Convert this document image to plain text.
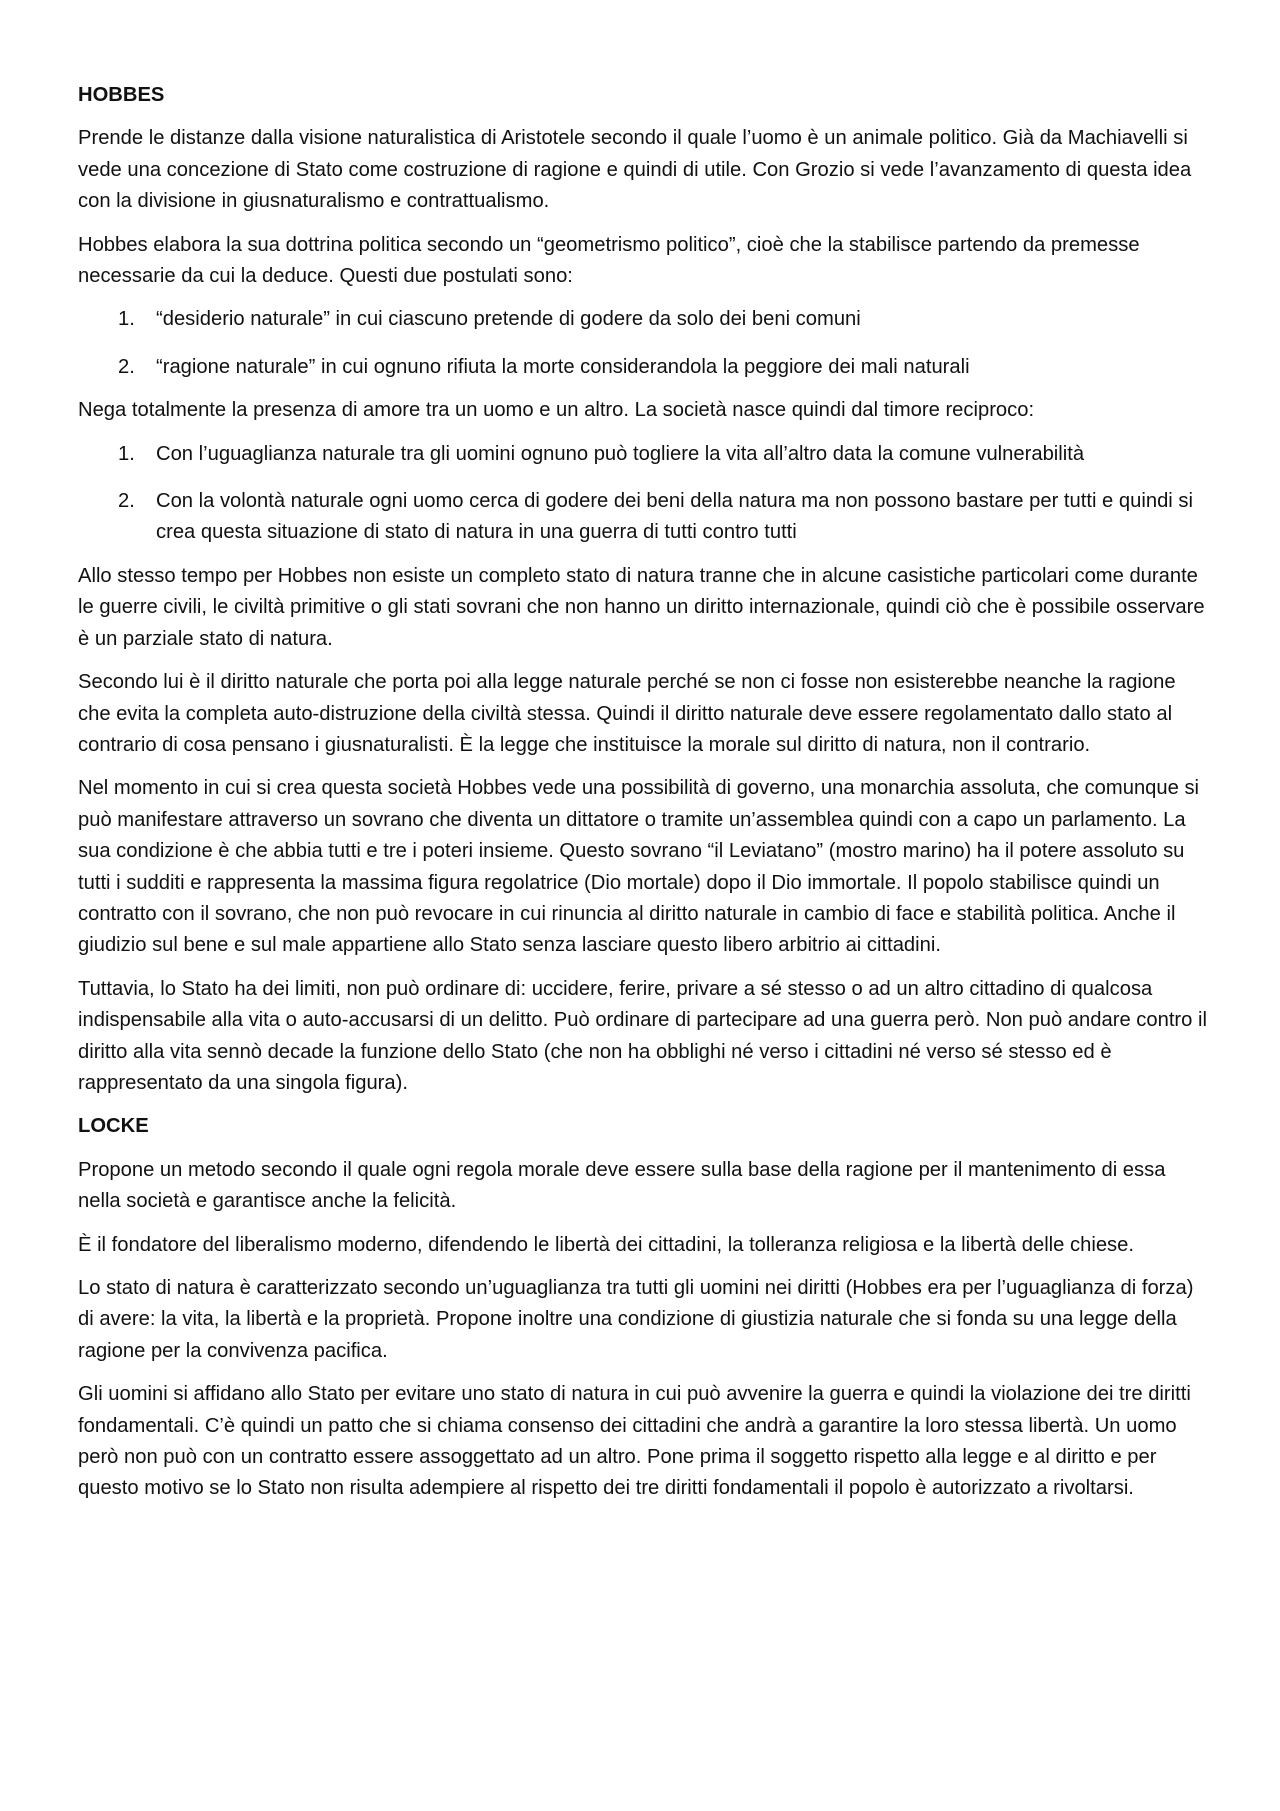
HOBBES

Prende le distanze dalla visione naturalistica di Aristotele secondo il quale l’uomo è un animale politico. Già da Machiavelli si vede una concezione di Stato come costruzione di ragione e quindi di utile. Con Grozio si vede l’avanzamento di questa idea con la divisione in giusnaturalismo e contrattualismo.

Hobbes elabora la sua dottrina politica secondo un “geometrismo politico”, cioè che la stabilisce partendo da premesse necessarie da cui la deduce. Questi due postulati sono:

1. “desiderio naturale” in cui ciascuno pretende di godere da solo dei beni comuni
2. “ragione naturale” in cui ognuno rifiuta la morte considerandola la peggiore dei mali naturali

Nega totalmente la presenza di amore tra un uomo e un altro. La società nasce quindi dal timore reciproco:

1. Con l’uguaglianza naturale tra gli uomini ognuno può togliere la vita all’altro data la comune vulnerabilità
2. Con la volontà naturale ogni uomo cerca di godere dei beni della natura ma non possono bastare per tutti e quindi si crea questa situazione di stato di natura in una guerra di tutti contro tutti

Allo stesso tempo per Hobbes non esiste un completo stato di natura tranne che in alcune casistiche particolari come durante le guerre civili, le civiltà primitive o gli stati sovrani che non hanno un diritto internazionale, quindi ciò che è possibile osservare è un parziale stato di natura.

Secondo lui è il diritto naturale che porta poi alla legge naturale perché se non ci fosse non esisterebbe neanche la ragione che evita la completa auto-distruzione della civiltà stessa. Quindi il diritto naturale deve essere regolamentato dallo stato al contrario di cosa pensano i giusnaturalisti. È la legge che instituisce la morale sul diritto di natura, non il contrario.

Nel momento in cui si crea questa società Hobbes vede una possibilità di governo, una monarchia assoluta, che comunque si può manifestare attraverso un sovrano che diventa un dittatore o tramite un’assemblea quindi con a capo un parlamento. La sua condizione è che abbia tutti e tre i poteri insieme. Questo sovrano “il Leviatano” (mostro marino) ha il potere assoluto su tutti i sudditi e rappresenta la massima figura regolatrice (Dio mortale) dopo il Dio immortale. Il popolo stabilisce quindi un contratto con il sovrano, che non può revocare in cui rinuncia al diritto naturale in cambio di face e stabilità politica. Anche il giudizio sul bene e sul male appartiene allo Stato senza lasciare questo libero arbitrio ai cittadini.

Tuttavia, lo Stato ha dei limiti, non può ordinare di: uccidere, ferire, privare a sé stesso o ad un altro cittadino di qualcosa indispensabile alla vita o auto-accusarsi di un delitto. Può ordinare di partecipare ad una guerra però. Non può andare contro il diritto alla vita sennò decade la funzione dello Stato (che non ha obblighi né verso i cittadini né verso sé stesso ed è rappresentato da una singola figura).

LOCKE

Propone un metodo secondo il quale ogni regola morale deve essere sulla base della ragione per il mantenimento di essa nella società e garantisce anche la felicità.

È il fondatore del liberalismo moderno, difendendo le libertà dei cittadini, la tolleranza religiosa e la libertà delle chiese.

Lo stato di natura è caratterizzato secondo un’uguaglianza tra tutti gli uomini nei diritti (Hobbes era per l’uguaglianza di forza) di avere: la vita, la libertà e la proprietà. Propone inoltre una condizione di giustizia naturale che si fonda su una legge della ragione per la convivenza pacifica.

Gli uomini si affidano allo Stato per evitare uno stato di natura in cui può avvenire la guerra e quindi la violazione dei tre diritti fondamentali. C’è quindi un patto che si chiama consenso dei cittadini che andrà a garantire la loro stessa libertà. Un uomo però non può con un contratto essere assoggettato ad un altro. Pone prima il soggetto rispetto alla legge e al diritto e per questo motivo se lo Stato non risulta adempiere al rispetto dei tre diritti fondamentali il popolo è autorizzato a rivoltarsi.
